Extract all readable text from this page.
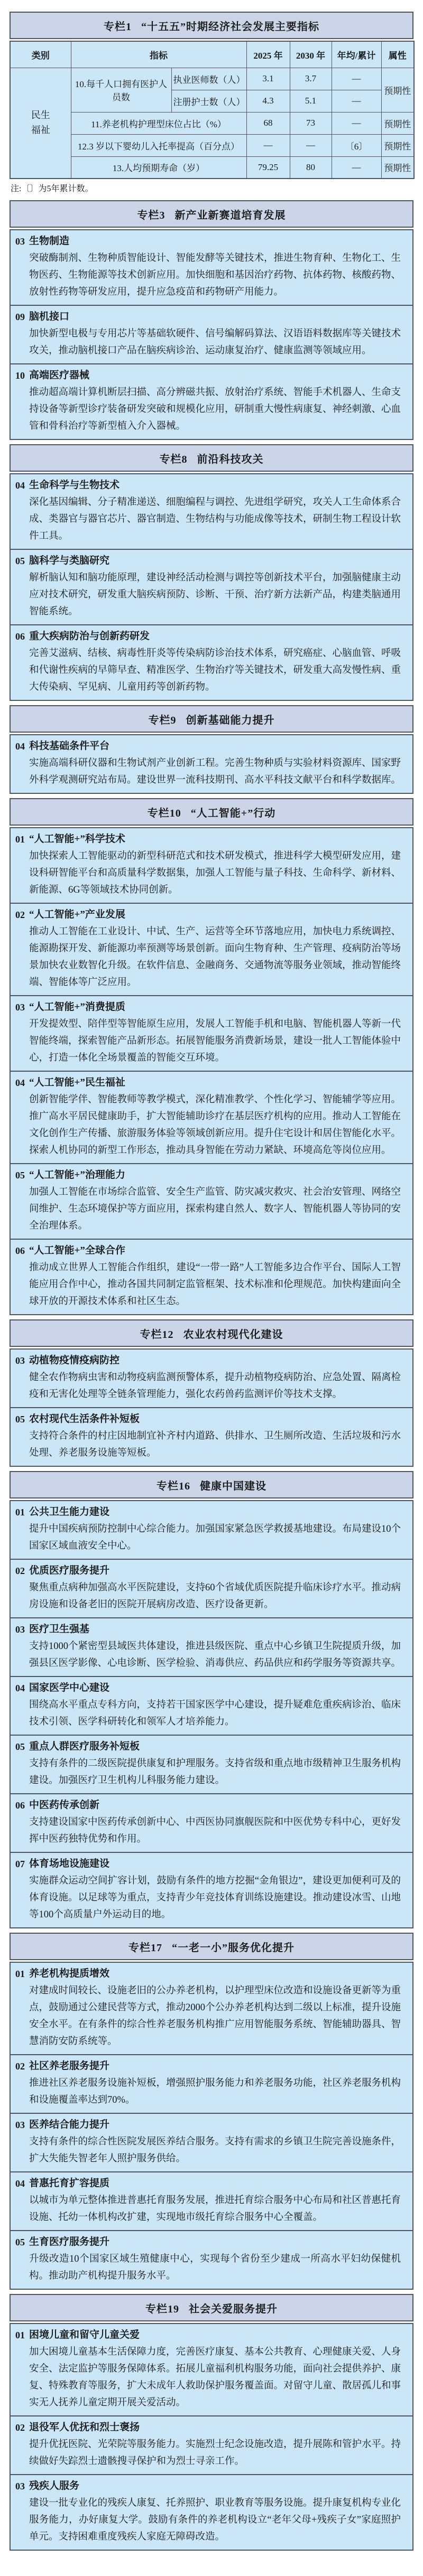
专栏1 “十五五”时期经济社会发展主要指标
类别	指标		2025 年	2030 年	年均/累计	属性
民生福祉	10.每千人口拥有医护人员数	执业医师数（人）	3.1	3.7	—	预期性
		注册护士数（人）	4.3	5.1	—	
	11.养老机构护理型床位占比（%）		68	73	—	预期性
	12.3 岁以下婴幼儿入托率提高（百分点）		—	—	〔6〕	预期性
	13.人均预期寿命（岁）		79.25	80	—	预期性
注:〔〕为5年累计数。
专栏3 新产业新赛道培育发展
03 生物制造

突破酶制剂、生物种质智能设计、智能发酵等关键技术，推进生物育种、生物化工、生物医药、生物能源等技术创新应用。加快细胞和基因治疗药物、抗体药物、核酸药物、放射性药物等研发应用，提升应急疫苗和药物研产用能力。

09 脑机接口

加快新型电极与专用芯片等基础软硬件、信号编解码算法、汉语语料数据库等关键技术攻关，推动脑机接口产品在脑疾病诊治、运动康复治疗、健康监测等领域应用。

10 高端医疗器械

推动超高端计算机断层扫描、高分辨磁共振、放射治疗系统、智能手术机器人、生命支持设备等新型诊疗装备研发突破和规模化应用，研制重大慢性病康复、神经刺激、心血管和骨科治疗等新型植入介入器械。

专栏8 前沿科技攻关
04 生命科学与生物技术

深化基因编辑、分子精准递送、细胞编程与调控、先进组学研究，攻关人工生命体系合成、类器官与器官芯片、器官制造、生物结构与功能成像等技术，研制生物工程设计软件工具。

05 脑科学与类脑研究

解析脑认知和脑功能原理，建设神经活动检测与调控等创新技术平台，加强脑健康主动应对技术研究，研发重大脑疾病预防、诊断、干预、治疗新方法新产品，构建类脑通用智能系统。

06 重大疾病防治与创新药研发

完善艾滋病、结核、病毒性肝炎等传染病防诊治技术体系，研究癌症、心脑血管、呼吸和代谢性疾病的早筛早查、精准医学、生物治疗等关键技术，研发重大高发慢性病、重大传染病、罕见病、儿童用药等创新药物。

专栏9 创新基础能力提升
04 科技基础条件平台

实施高端科研仪器和生物试剂产业创新工程。完善生物种质与实验材料资源库、国家野外科学观测研究站布局。建设世界一流科技期刊、高水平科技文献平台和科学数据库。

专栏10 “人工智能+”行动
01 “人工智能+”科学技术

加快探索人工智能驱动的新型科研范式和技术研发模式，推进科学大模型研发应用，建设科研智能平台和高质量科学数据集，加强人工智能与量子科技、生命科学、新材料、新能源、6G等领域技术协同创新。

02 “人工智能+”产业发展

推动人工智能在工业设计、中试、生产、运营等全环节落地应用，加快电力系统调控、能源勘探开发、新能源功率预测等场景创新。面向生物育种、生产管理、疫病防治等场景加快农业数智化升级。在软件信息、金融商务、交通物流等服务业领域，推动智能终端、智能体等广泛应用。

03 “人工智能+”消费提质

开发提效型、陪伴型等智能原生应用，发展人工智能手机和电脑、智能机器人等新一代智能终端，探索智能产品新形态。拓展智能服务消费新场景，建设一批人工智能体验中心，打造一体化全场景覆盖的智能交互环境。

04 “人工智能+”民生福祉

创新智能学伴、智能教师等教学模式，深化精准教学、个性化学习、智能辅学等应用。推广高水平居民健康助手，扩大智能辅助诊疗在基层医疗机构的应用。推动人工智能在文化创作生产传播、旅游服务体验等领域创新应用。提升住宅设计和居住智能化水平。探索人机协同的新型工作形态，推动具身智能在劳动力紧缺、环境高危等岗位应用。

05 “人工智能+”治理能力

加强人工智能在市场综合监管、安全生产监管、防灾减灾救灾、社会治安管理、网络空间维护、生态环境保护等方面应用，探索构建自然人、数字人、智能机器人等协同的安全治理体系。

06 “人工智能+”全球合作

推动成立世界人工智能合作组织，建设“一带一路”人工智能多边合作平台、国际人工智能应用合作中心，推动各国共同制定监管框架、技术标准和伦理规范。加快构建面向全球开放的开源技术体系和社区生态。

专栏12 农业农村现代化建设
03 动植物疫情疫病防控

健全农作物病虫害和动物疫病监测预警体系，提升动植物疫病防治、应急处置、隔离检疫和无害化处理等全链条管理能力，强化农药兽药监测评价等技术支撑。

05 农村现代生活条件补短板

支持符合条件的村庄因地制宜补齐村内道路、供排水、卫生厕所改造、生活垃圾和污水处理、养老服务设施等短板。

专栏16 健康中国建设
01 公共卫生能力建设

提升中国疾病预防控制中心综合能力。加强国家紧急医学救援基地建设。布局建设10个国家区域血液安全中心。

02 优质医疗服务提升

聚焦重点病种加强高水平医院建设，支持60个省域优质医院提升临床诊疗水平。推动病房设施和设备老旧的医院开展病房改造、医疗设备更新。

03 医疗卫生强基

支持1000个紧密型县域医共体建设，推进县级医院、重点中心乡镇卫生院提质升级，加强县区医学影像、心电诊断、医学检验、消毒供应、药品供应和药学服务等资源共享。

04 国家医学中心建设

围绕高水平重点专科方向，支持若干国家医学中心建设，提升疑难危重疾病诊治、临床技术引领、医学科研转化和领军人才培养能力。

05 重点人群医疗服务补短板

支持有条件的二级医院提供康复和护理服务。支持省级和重点地市级精神卫生服务机构建设。加强医疗卫生机构儿科服务能力建设。

06 中医药传承创新

支持建设国家中医药传承创新中心、中西医协同旗舰医院和中医优势专科中心，更好发挥中医药独特优势和作用。

07 体育场地设施建设

实施群众运动空间扩容计划，鼓励有条件的地方挖掘“金角银边”，建设更加便利可及的体育设施。以足球等为重点，支持青少年竞技体育训练设施建设。推动建设冰雪、山地等100个高质量户外运动目的地。

专栏17 “一老一小”服务优化提升
01 养老机构提质增效

对建成时间较长、设施老旧的公办养老机构，以护理型床位改造和设施设备更新等为重点，鼓励通过公建民营等方式，推动2000个公办养老机构达到二级以上标准，提升设施安全水平。在有条件的综合性养老服务机构推广应用智能服务系统、智能辅助器具、智慧消防安防系统等。

02 社区养老服务提升

推进社区养老服务设施补短板，增强照护服务能力和养老服务功能，社区养老服务机构和设施覆盖率达到70%。

03 医养结合能力提升

支持有条件的综合性医院发展医养结合服务。支持有需求的乡镇卫生院完善设施条件，扩大失能失智老年人照护服务供给。

04 普惠托育扩容提质

以城市为单元整体推进普惠托育服务发展，推进托育综合服务中心布局和社区普惠托育设施、托幼一体机构改扩建，实现地市级托育综合服务中心全覆盖。

05 生育医疗服务提升

升级改造10个国家区域生殖健康中心，实现每个省份至少建成一所高水平妇幼保健机构。推动助产机构提升服务水平。

专栏19 社会关爱服务提升
01 困境儿童和留守儿童关爱

加大困境儿童基本生活保障力度，完善医疗康复、基本公共教育、心理健康关爱、人身安全、法定监护等服务保障体系。拓展儿童福利机构服务功能，面向社会提供养护、康复、特殊教育等服务，扩大未成年人救助保护服务覆盖面。对留守儿童、散居孤儿和事实无人抚养儿童定期开展关爱活动。

02 退役军人优抚和烈士褒扬

提升优抚医院、光荣院等服务能力。实施烈士纪念设施改造，提升展陈和管护水平。持续做好失踪烈士遗骸搜寻保护和为烈士寻亲工作。

03 残疾人服务

建设一批专业化的残疾人康复、托养照护、职业教育等服务设施。提升康复机构专业化服务能力，办好康复大学。鼓励有条件的养老机构设立“老年父母+残疾子女”家庭照护单元。支持困难重度残疾人家庭无障碍改造。
